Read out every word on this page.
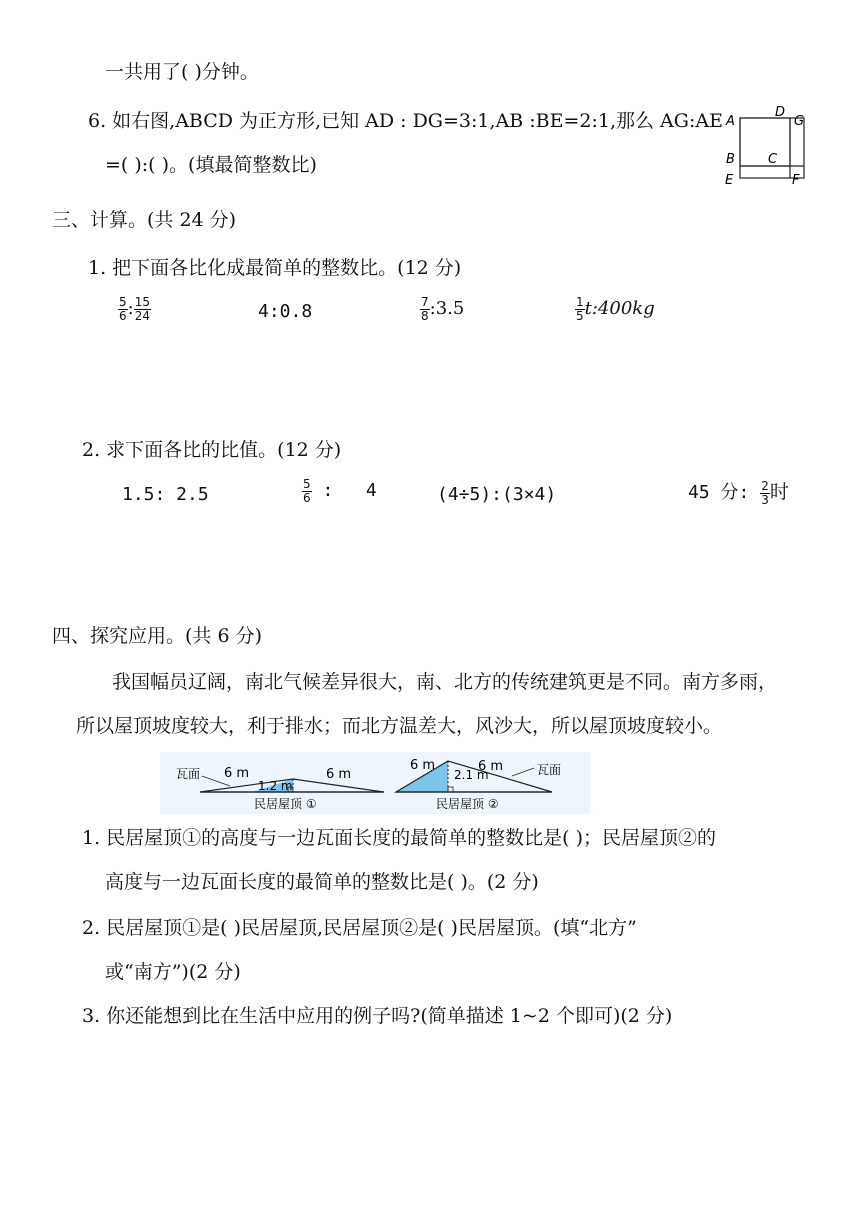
一共用了( )分钟。
6. 如右图,ABCD 为正方形,已知 AD : DG=3:1,AB :BE=2:1,那么 AG:AE
=( ):( )。(填最简整数比)
A
D
G
B	C
E	F
三、计算。(共 24 分)
1. 把下面各比化成最简单的整数比。(12 分)
$\frac{5}{6}$ : $\frac{15}{24}$	4:0.8	$\frac{7}{8}$ :3.5	$\frac{1}{5}$ t:400kg
2. 求下面各比的比值。(12 分)
1.5: 2.5	$\frac{5}{6}$ :   4	(4÷5):(3×4)	45 分: $\frac{2}{3}$ 时
四、探究应用。(共 6 分)
我国幅员辽阔，南北气候差异很大，南、北方的传统建筑更是不同。南方多雨，
所以屋顶坡度较大，利于排水；而北方温差大，风沙大，所以屋顶坡度较小。
瓦面 6 m	6 m
1.2 m
民居屋顶 ①
6 m	6 m
2.1 m	瓦面
民居屋顶 ②
1. 民居屋顶①的高度与一边瓦面长度的最简单的整数比是( )；民居屋顶②的
高度与一边瓦面长度的最简单的整数比是( )。(2 分)
2. 民居屋顶①是( )民居屋顶,民居屋顶②是( )民居屋顶。(填“北方”
或“南方”)(2 分)
3. 你还能想到比在生活中应用的例子吗?(简单描述 1~2 个即可)(2 分)
